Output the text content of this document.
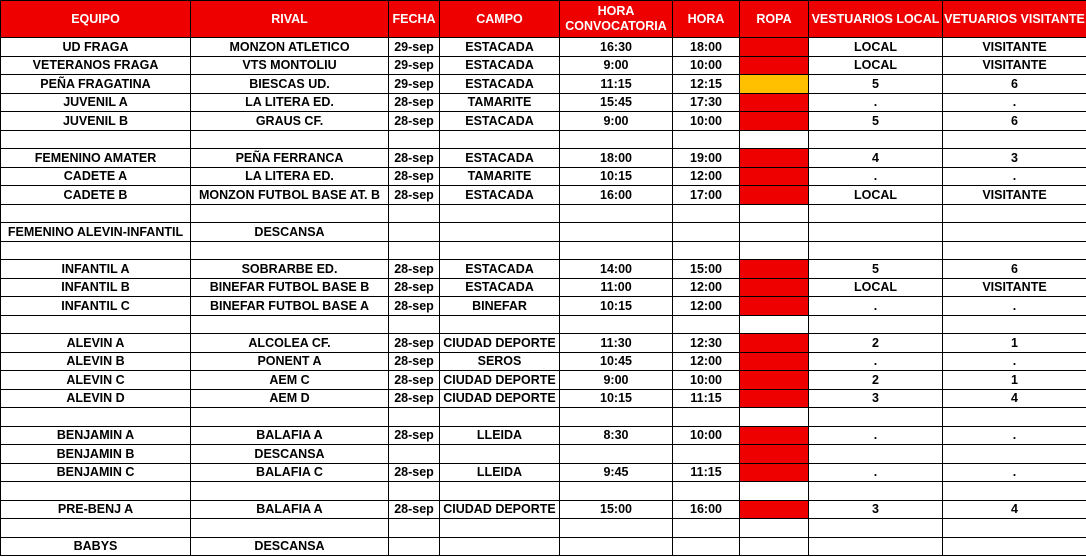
EQUIPO	RIVAL	FECHA	CAMPO	HORA CONVOCATORIA	HORA	ROPA	VESTUARIOS LOCAL	VETUARIOS VISITANTE
UD FRAGA	MONZON ATLETICO	29-sep	ESTACADA	16:30	18:00		LOCAL	VISITANTE
VETERANOS FRAGA	VTS MONTOLIU	29-sep	ESTACADA	9:00	10:00		LOCAL	VISITANTE
PEÑA FRAGATINA	BIESCAS UD.	29-sep	ESTACADA	11:15	12:15		5	6
JUVENIL A	LA LITERA ED.	28-sep	TAMARITE	15:45	17:30		.	.
JUVENIL B	GRAUS CF.	28-sep	ESTACADA	9:00	10:00		5	6

FEMENINO AMATER	PEÑA FERRANCA	28-sep	ESTACADA	18:00	19:00		4	3
CADETE A	LA LITERA ED.	28-sep	TAMARITE	10:15	12:00		.	.
CADETE B	MONZON FUTBOL BASE AT. B	28-sep	ESTACADA	16:00	17:00		LOCAL	VISITANTE

FEMENINO ALEVIN-INFANTIL	DESCANSA							

INFANTIL A	SOBRARBE ED.	28-sep	ESTACADA	14:00	15:00		5	6
INFANTIL B	BINEFAR FUTBOL BASE B	28-sep	ESTACADA	11:00	12:00		LOCAL	VISITANTE
INFANTIL C	BINEFAR FUTBOL BASE A	28-sep	BINEFAR	10:15	12:00		.	.

ALEVIN A	ALCOLEA CF.	28-sep	CIUDAD DEPORTE	11:30	12:30		2	1
ALEVIN B	PONENT A	28-sep	SEROS	10:45	12:00		.	.
ALEVIN C	AEM C	28-sep	CIUDAD DEPORTE	9:00	10:00		2	1
ALEVIN D	AEM D	28-sep	CIUDAD DEPORTE	10:15	11:15		3	4

BENJAMIN A	BALAFIA A	28-sep	LLEIDA	8:30	10:00		.	.
BENJAMIN B	DESCANSA							
BENJAMIN C	BALAFIA C	28-sep	LLEIDA	9:45	11:15		.	.

PRE-BENJ A	BALAFIA A	28-sep	CIUDAD DEPORTE	15:00	16:00		3	4

BABYS	DESCANSA							
